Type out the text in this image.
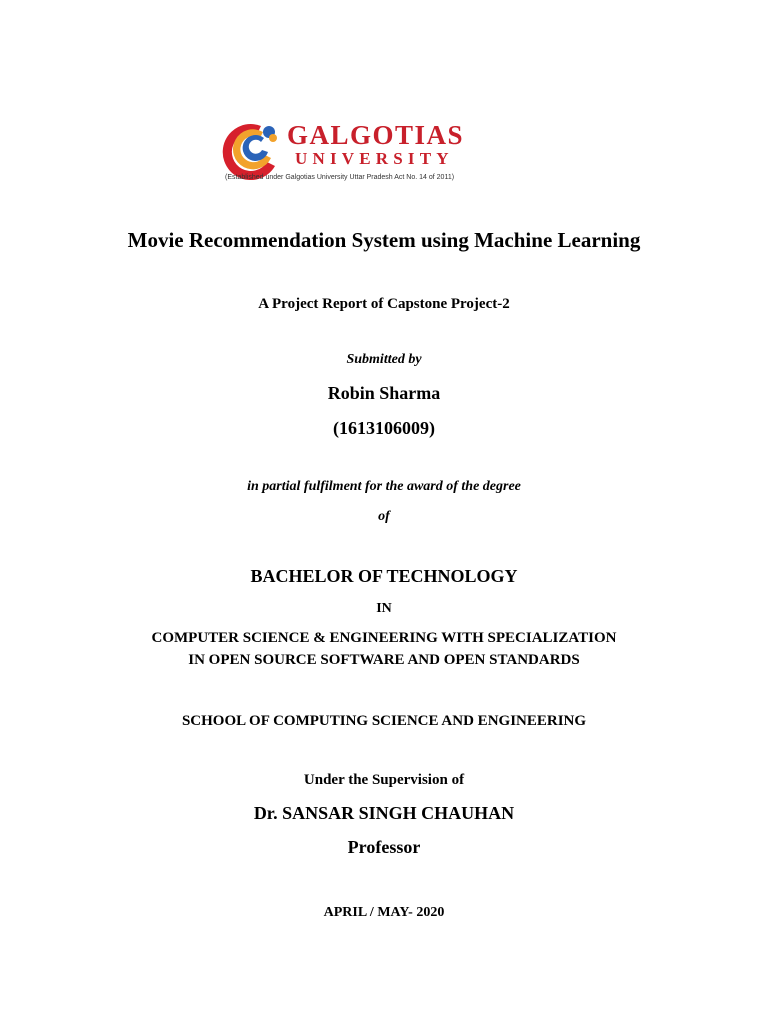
GALGOTIAS
UNIVERSITY
(Established under Galgotias University Uttar Pradesh Act No. 14 of 2011)
Movie Recommendation System using Machine Learning
A Project Report of Capstone Project-2
Submitted by
Robin Sharma
(1613106009)
in partial fulfilment for the award of the degree
of
BACHELOR OF TECHNOLOGY
IN
COMPUTER SCIENCE & ENGINEERING WITH SPECIALIZATION
IN OPEN SOURCE SOFTWARE AND OPEN STANDARDS
SCHOOL OF COMPUTING SCIENCE AND ENGINEERING
Under the Supervision of
Dr. SANSAR SINGH CHAUHAN
Professor
APRIL / MAY- 2020
